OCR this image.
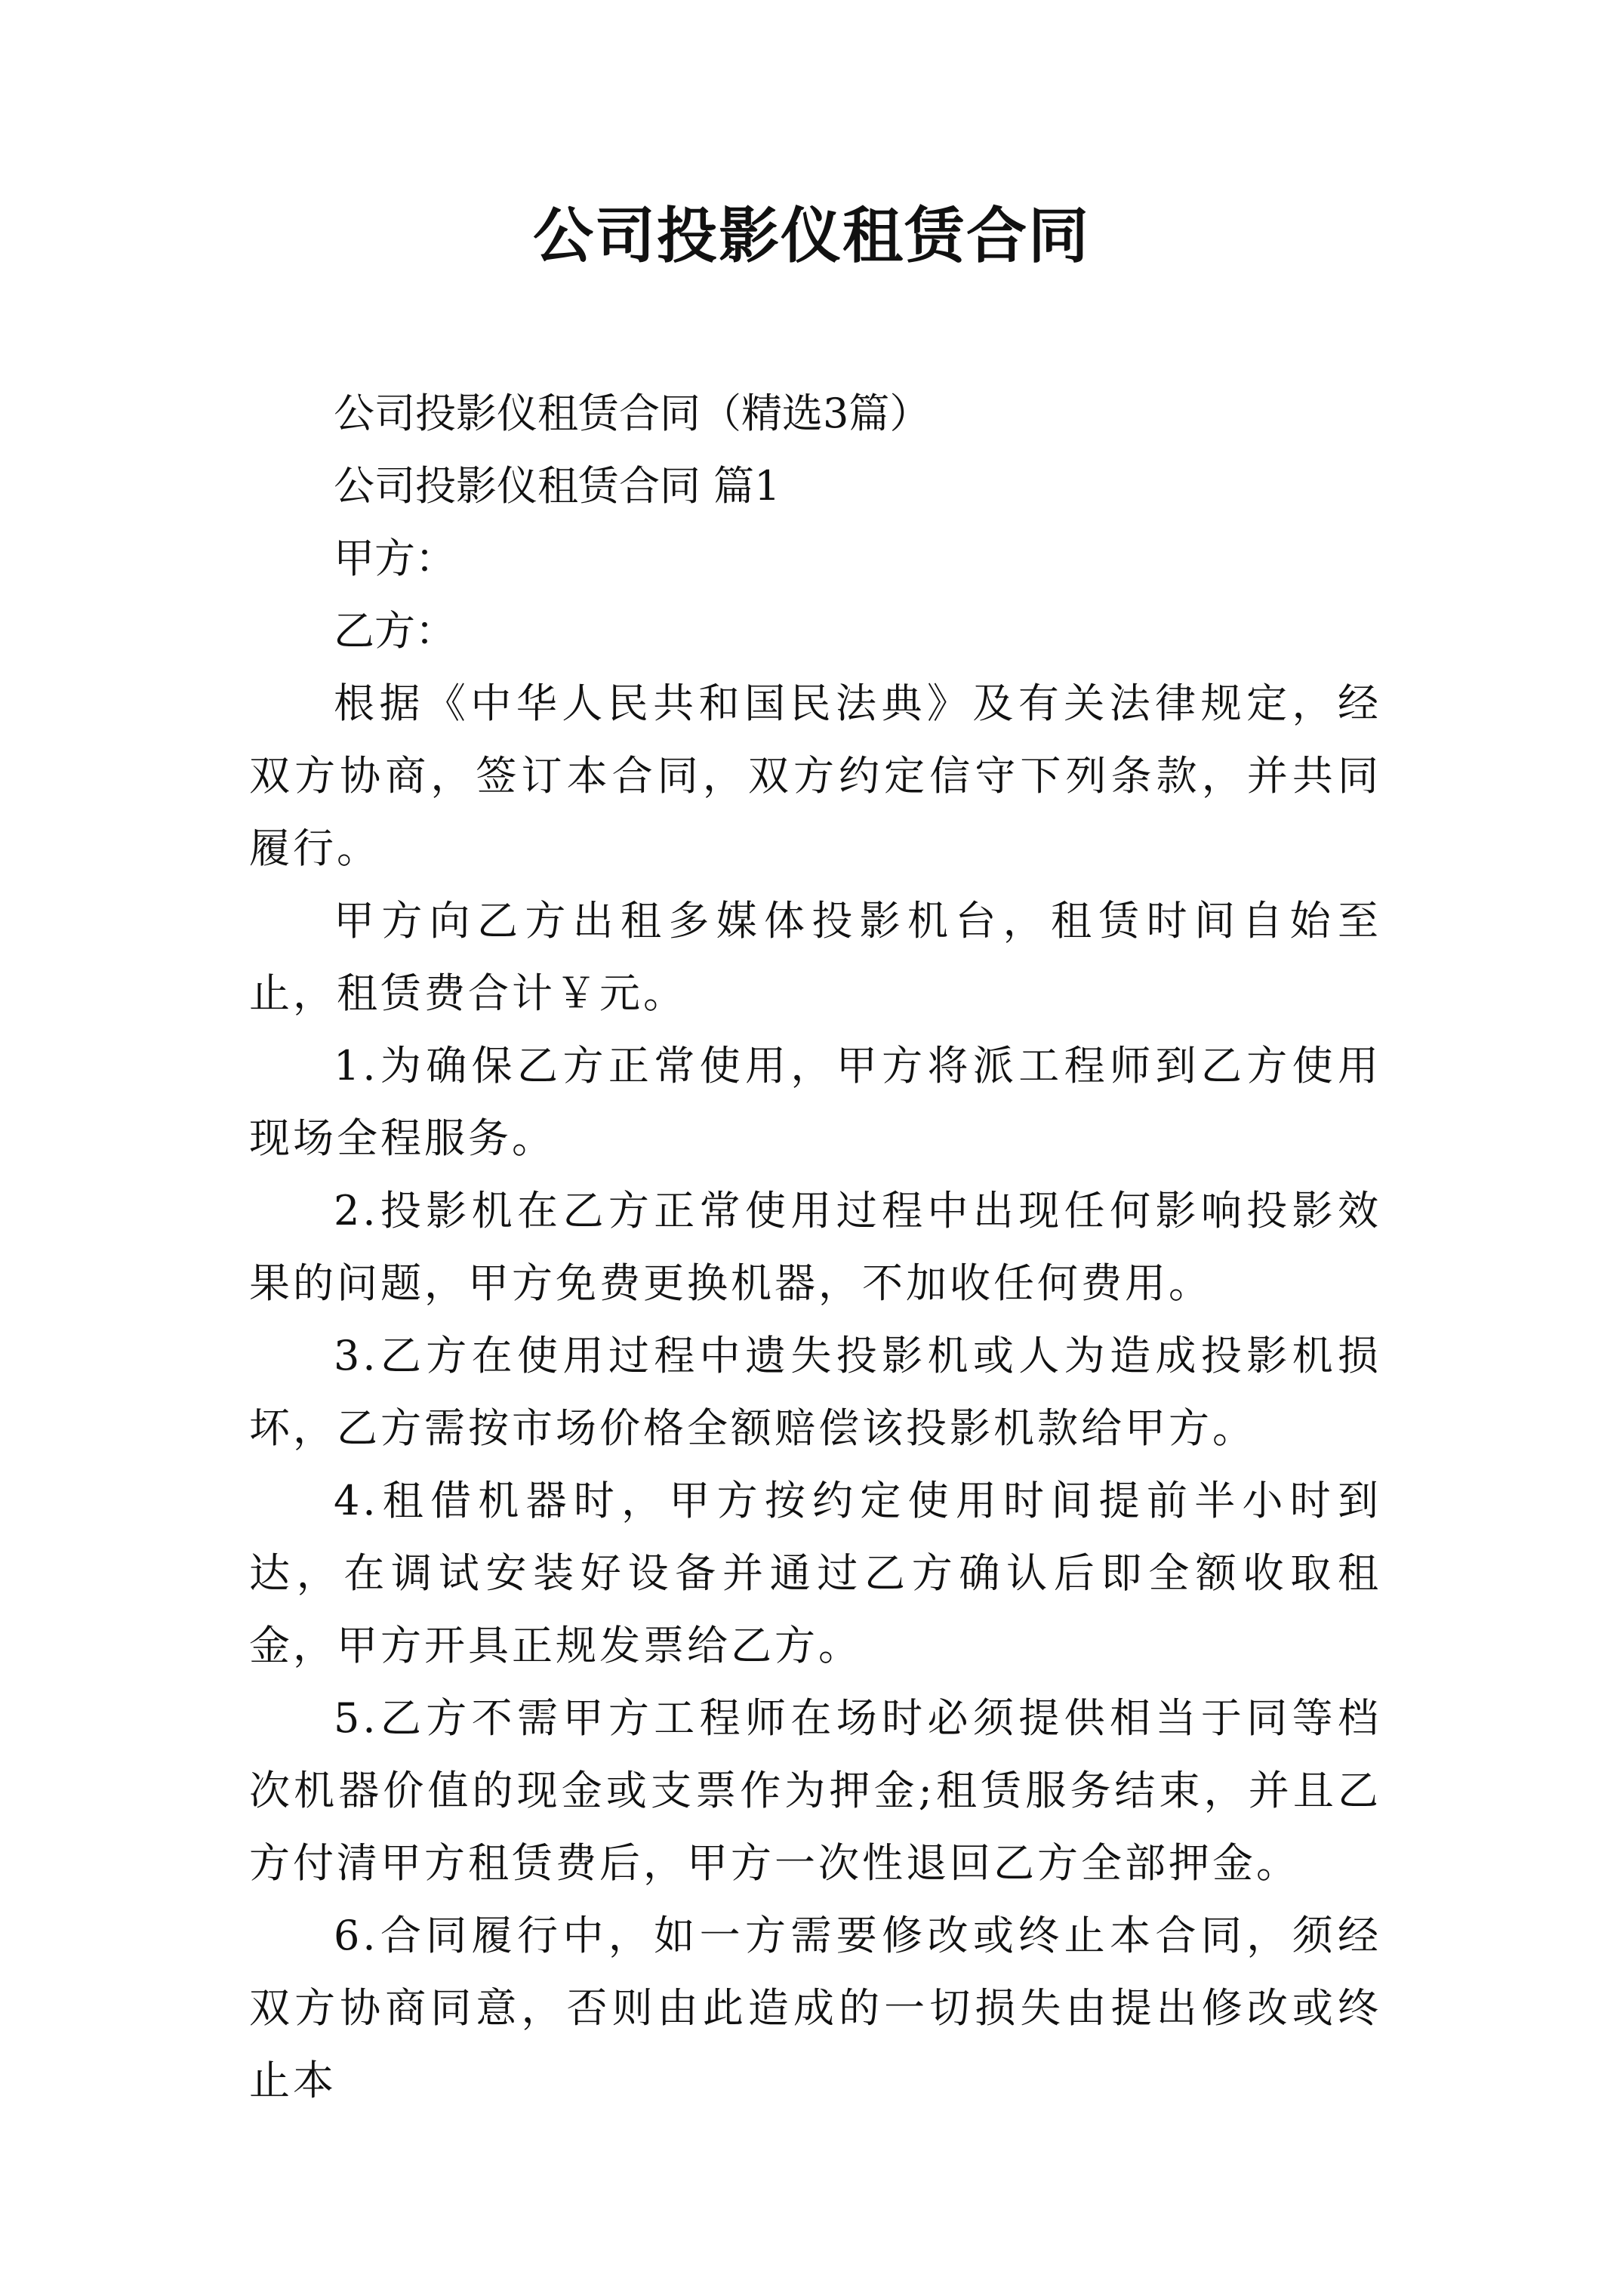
公司投影仪租赁合同

公司投影仪租赁合同（精选3篇）

公司投影仪租赁合同 篇1

甲方：

乙方：

根据《中华人民共和国民法典》及有关法律规定，经双方协商，签订本合同，双方约定信守下列条款，并共同履行。

甲方向乙方出租多媒体投影机台，租赁时间自始至止，租赁费合计￥元。

1.为确保乙方正常使用，甲方将派工程师到乙方使用现场全程服务。

2.投影机在乙方正常使用过程中出现任何影响投影效果的问题，甲方免费更换机器，不加收任何费用。

3.乙方在使用过程中遗失投影机或人为造成投影机损坏，乙方需按市场价格全额赔偿该投影机款给甲方。

4.租借机器时，甲方按约定使用时间提前半小时到达，在调试安装好设备并通过乙方确认后即全额收取租金，甲方开具正规发票给乙方。

5.乙方不需甲方工程师在场时必须提供相当于同等档次机器价值的现金或支票作为押金;租赁服务结束，并且乙方付清甲方租赁费后，甲方一次性退回乙方全部押金。

6.合同履行中，如一方需要修改或终止本合同，须经双方协商同意，否则由此造成的一切损失由提出修改或终止本
